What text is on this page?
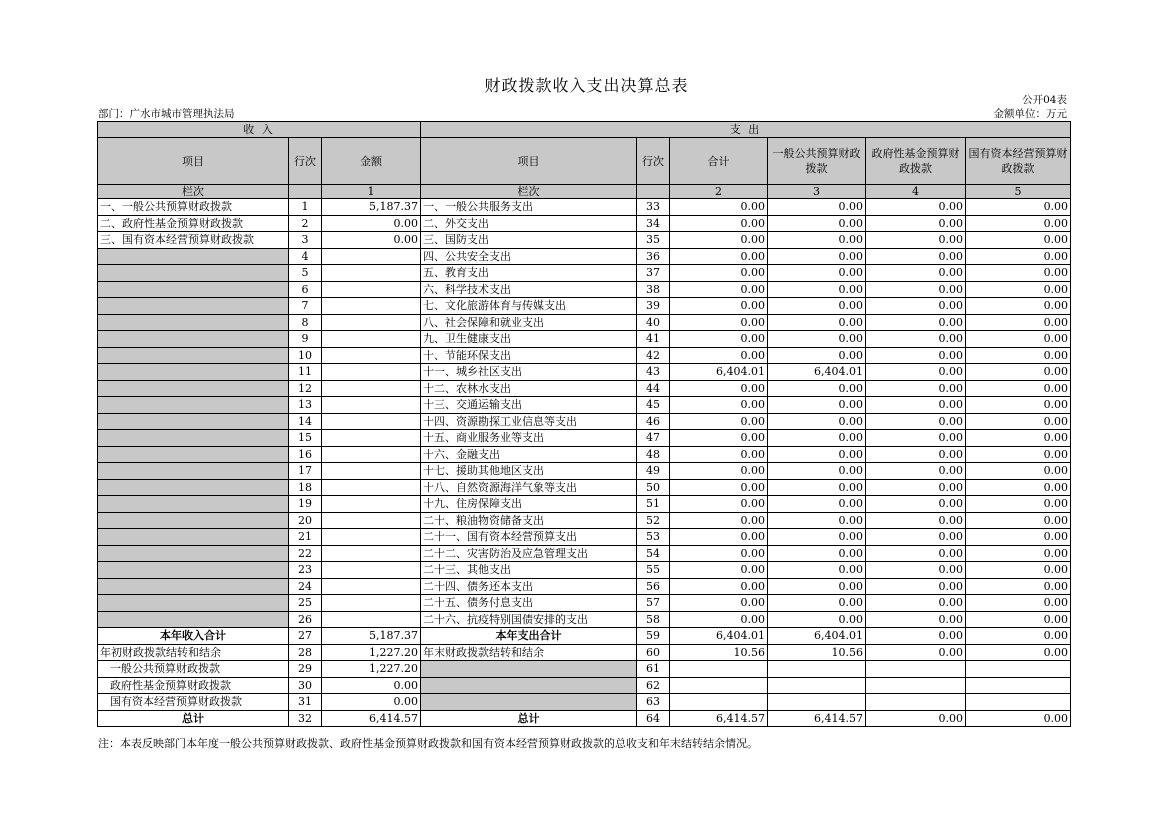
财政拨款收入支出决算总表
公开04表
部门：广水市城市管理执法局	金额单位：万元
收 入			支 出					
项目	行次	金额	项目	行次	合计	一般公共预算财政拨款	政府性基金预算财政拨款	国有资本经营预算财政拨款
栏次		1	栏次		2	3	4	5
一、一般公共预算财政拨款	1	5,187.37	一、一般公共服务支出	33	0.00	0.00	0.00	0.00
二、政府性基金预算财政拨款	2	0.00	二、外交支出	34	0.00	0.00	0.00	0.00
三、国有资本经营预算财政拨款	3	0.00	三、国防支出	35	0.00	0.00	0.00	0.00
	4		四、公共安全支出	36	0.00	0.00	0.00	0.00
	5		五、教育支出	37	0.00	0.00	0.00	0.00
	6		六、科学技术支出	38	0.00	0.00	0.00	0.00
	7		七、文化旅游体育与传媒支出	39	0.00	0.00	0.00	0.00
	8		八、社会保障和就业支出	40	0.00	0.00	0.00	0.00
	9		九、卫生健康支出	41	0.00	0.00	0.00	0.00
	10		十、节能环保支出	42	0.00	0.00	0.00	0.00
	11		十一、城乡社区支出	43	6,404.01	6,404.01	0.00	0.00
	12		十二、农林水支出	44	0.00	0.00	0.00	0.00
	13		十三、交通运输支出	45	0.00	0.00	0.00	0.00
	14		十四、资源勘探工业信息等支出	46	0.00	0.00	0.00	0.00
	15		十五、商业服务业等支出	47	0.00	0.00	0.00	0.00
	16		十六、金融支出	48	0.00	0.00	0.00	0.00
	17		十七、援助其他地区支出	49	0.00	0.00	0.00	0.00
	18		十八、自然资源海洋气象等支出	50	0.00	0.00	0.00	0.00
	19		十九、住房保障支出	51	0.00	0.00	0.00	0.00
	20		二十、粮油物资储备支出	52	0.00	0.00	0.00	0.00
	21		二十一、国有资本经营预算支出	53	0.00	0.00	0.00	0.00
	22		二十二、灾害防治及应急管理支出	54	0.00	0.00	0.00	0.00
	23		二十三、其他支出	55	0.00	0.00	0.00	0.00
	24		二十四、债务还本支出	56	0.00	0.00	0.00	0.00
	25		二十五、债务付息支出	57	0.00	0.00	0.00	0.00
	26		二十六、抗疫特别国债安排的支出	58	0.00	0.00	0.00	0.00
本年收入合计	27	5,187.37	本年支出合计	59	6,404.01	6,404.01	0.00	0.00
年初财政拨款结转和结余	28	1,227.20	年末财政拨款结转和结余	60	10.56	10.56	0.00	0.00
一般公共预算财政拨款	29	1,227.20		61				
政府性基金预算财政拨款	30	0.00		62				
国有资本经营预算财政拨款	31	0.00		63				
总计	32	6,414.57	总计	64	6,414.57	6,414.57	0.00	0.00
注：本表反映部门本年度一般公共预算财政拨款、政府性基金预算财政拨款和国有资本经营预算财政拨款的总收支和年末结转结余情况。
